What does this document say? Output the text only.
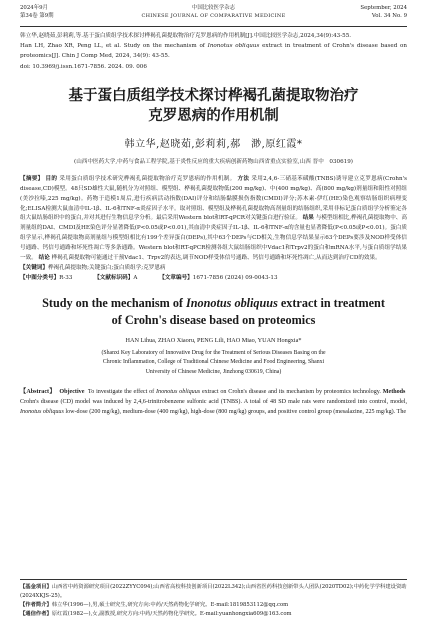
2024年9月
第34卷 第9期
中国比较医学杂志
CHINESE JOURNAL OF COMPARATIVE MEDICINE
September, 2024
Vol. 34 No. 9
韩立华,赵晓茹,彭莉莉,等.基于蛋白质组学技术探讨桦褐孔菌提取物治疗克罗恩病的作用机制[J].中国比较医学杂志,2024,34(9):43-55.
Han LH, Zhao XR, Peng LL, et al. Study on the mechanism of Inonotus obliquus extract in treatment of Crohn's disease based on proteomics[J]. Chin J Comp Med, 2024, 34(9): 43-55.
doi: 10.3969/j.issn.1671-7856. 2024. 09. 006
基于蛋白质组学技术探讨桦褐孔菌提取物治疗
克罗恩病的作用机制
韩立华,赵晓茹,彭莉莉,郝　渺,原红霞*
(山西中医药大学,中药与食品工程学院,基于炎性反应的重大疾病创新药物山西省重点实验室,山西 晋中　030619)
【摘要】 目的 采用蛋白质组学技术研究桦褐孔菌提取物治疗克罗恩病的作用机制。 方法 采用2,4,6-三硝基苯磺酸(TNBS)诱导建立克罗恩病(Crohn's disease,CD)模型。48只SD雄性大鼠,随机分为对照组、模型组、桦褐孔菌提取物低(200 mg/kg)、中(400 mg/kg)、高(800 mg/kg)剂量组和阳性对照组(美沙拉嗪,225 mg/kg)。药物于造模1周后,进行疾病活动指数(DAI)评分和结肠黏膜损伤指数(CMDI)评分;苏木素-伊红(HE)染色观察结肠组织病理变化;ELISA检测大鼠血清中IL-1β、IL-6和TNF-α炎症因子水平。取对照组、模型组及桦褐孔菌提取物高剂量组的结肠组织,采用非标记蛋白质组学分析鉴定各组大鼠结肠组织中的蛋白,并对其进行生物信息学分析。最后采用Western blot和RT-qPCR对关键蛋白进行验证。 结果 与模型组相比,桦褐孔菌提取物中、高剂量组的DAI、CMDI及HE染色评分显著降低(P<0.05或P<0.01),其血清中炎症因子IL-1β、IL-6和TNF-α的含量也显著降低(P<0.05或P<0.01)。蛋白质组学显示,桦褐孔菌提取物高剂量组与模型组相比有199个差异蛋白(DEPs),其中63个DEPs与CD相关,生物信息学结果显示63个DEPs要涉及NOD样受体信号通路、钙信号通路和坏死性凋亡等多条通路。Western blot和RT-qPCR检测各组大鼠结肠组织中Vdac1和Trpv2的蛋白和mRNA水平,与蛋白质组学结果一致。 结论 桦褐孔菌提取物可能通过干预Vdac1、Trpv2的表达,调节NOD样受体信号通路、钙信号通路和坏死性凋亡,从而达到治疗CD的效果。
【关键词】桦褐孔菌提取物;关键蛋白;蛋白质组学;克罗恩病
【中图分类号】R-33	【文献标识码】A	【文章编号】1671-7856 (2024) 09-0043-13
Study on the mechanism of Inonotus obliquus extract in treatment
of Crohn's disease based on proteomics
HAN Lihua, ZHAO Xiaoru, PENG Lili, HAO Miao, YUAN Hongxia*
(Shanxi Key Laboratory of Innovative Drug for the Treatment of Serious Diseases Basing on the
Chronic Inflammation, College of Traditional Chinese Medicine and Food Engineering, Shanxi
University of Chinese Medicine, Jinzhong 030619, China)
【Abstract】 Objective To investigate the effect of Inonotus obliquus extract on Crohn's disease and its mechanism by proteomics technology. Methods  Crohn's disease (CD) model was induced by 2,4,6-trinitrobenzene sulfonic acid (TNBS). A total of 48 SD male rats were randomized into control, model, Inonotus obliquus low-dose (200 mg/kg), medium-dose (400 mg/kg), high-dose (800 mg/kg) groups, and positive control group (mesalazine, 225 mg/kg). The
【基金项目】山西省中药资源研究项目(2022ZYYC094);山西省高校科技创新项目(2022L342);山西省医药科技创新带头人团队(2020TD02);中药化学学科建设资助(2024XKJS-25)。
【作者简介】韩立华(1996—),男,硕士研究生,研究方向:中药/天然药物化学研究。E-mail:1819853112@qq.com
【通信作者】原红霞(1982—),女,副教授,研究方向:中药/天然药物化学研究。E-mail:yuanhongxia609@163.com
